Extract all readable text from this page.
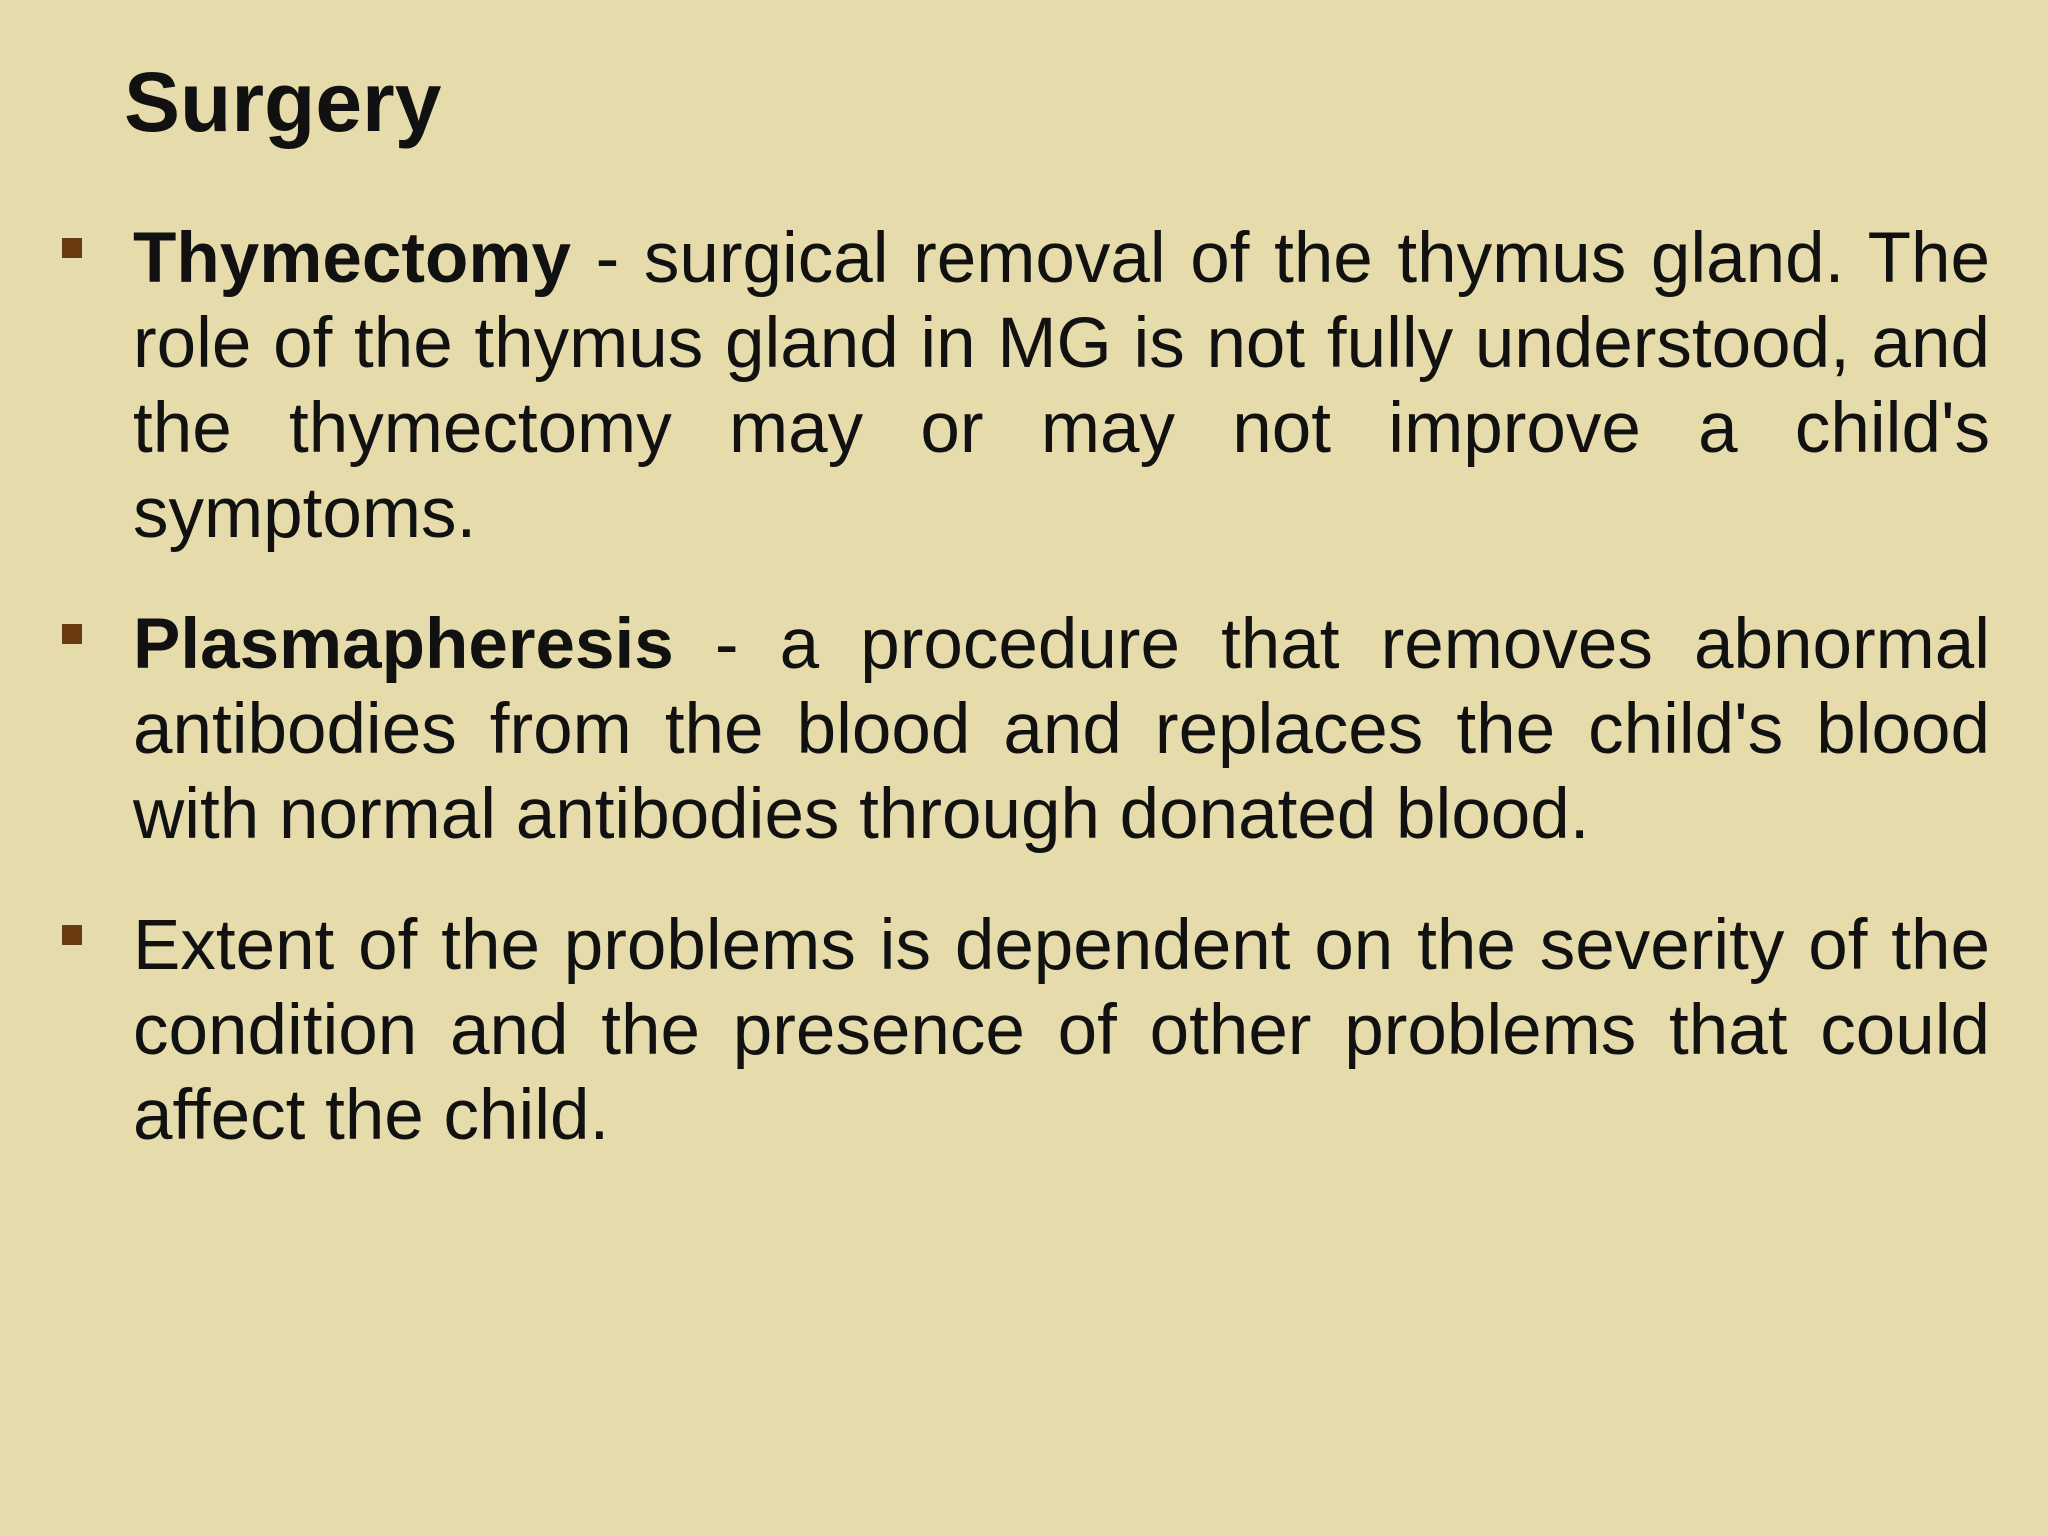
Surgery

Thymectomy - surgical removal of the thymus gland. The role of the thymus gland in MG is not fully understood, and the thymectomy may or may not improve a child's symptoms.

Plasmapheresis - a procedure that removes abnormal antibodies from the blood and replaces the child's blood with normal antibodies through donated blood.

Extent of the problems is dependent on the severity of the condition and the presence of other problems that could affect the child.
